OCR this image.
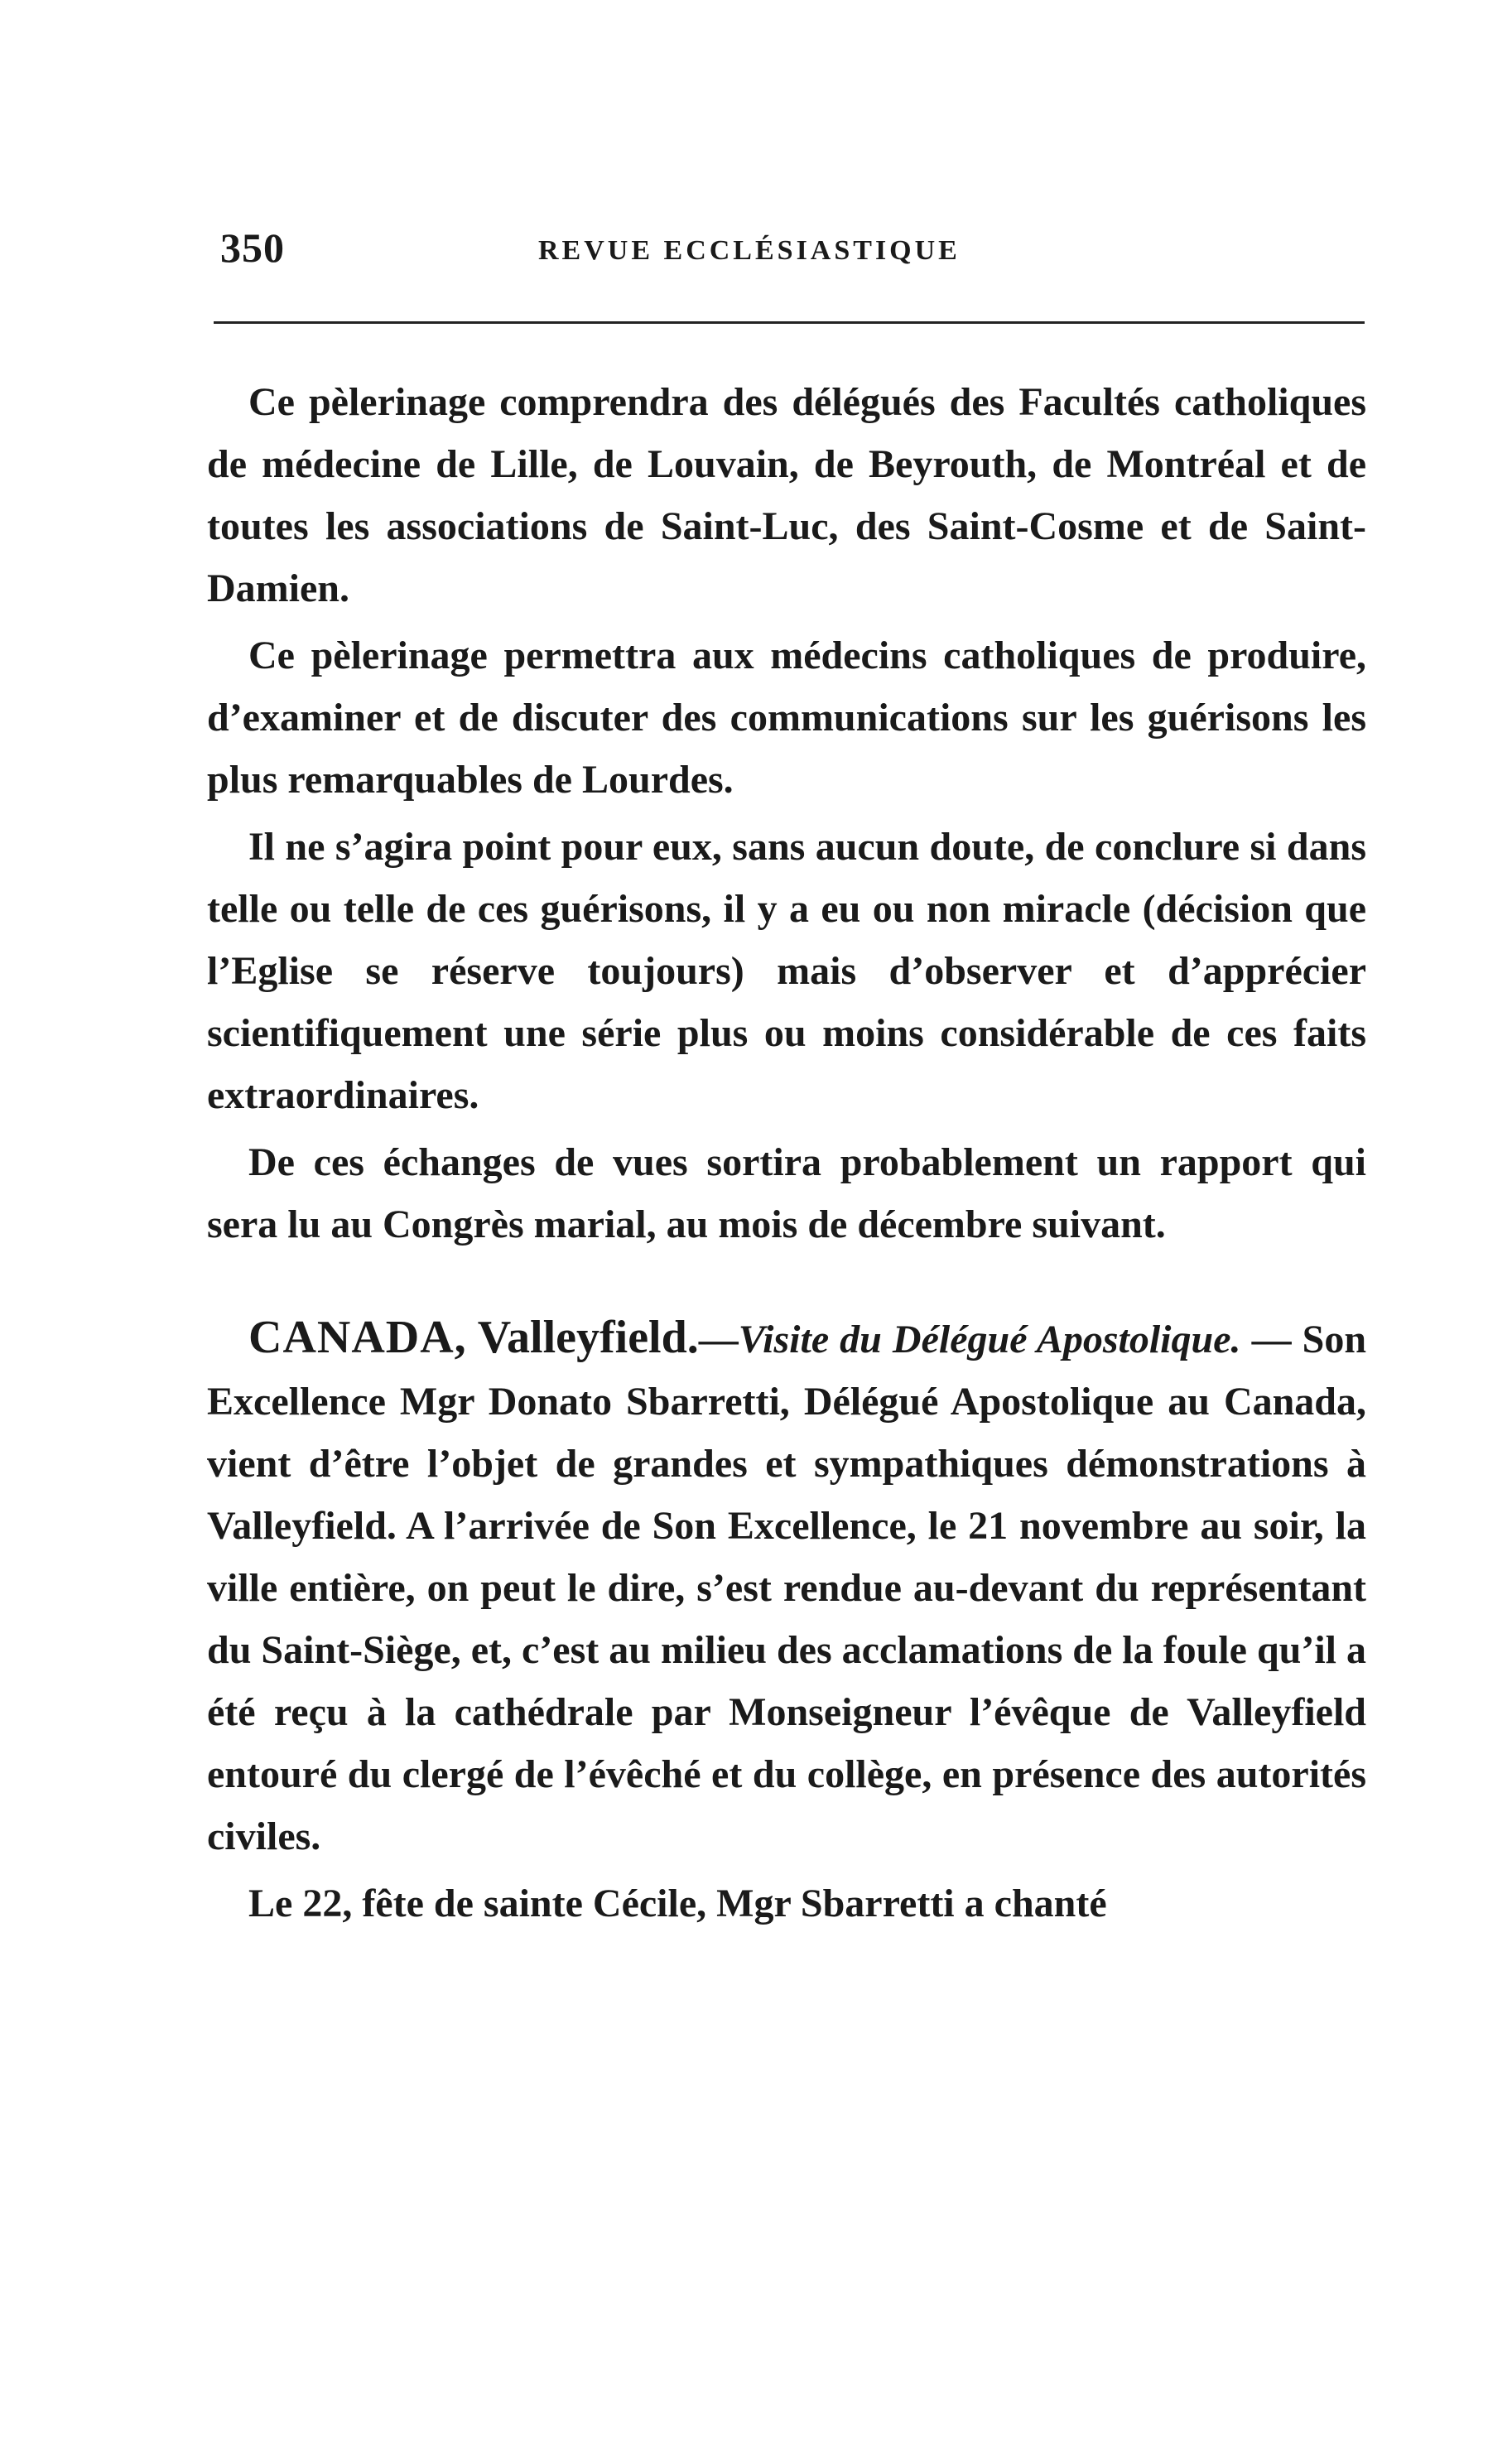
350	REVUE ECCLÉSIASTIQUE

Ce pèlerinage comprendra des délégués des Facultés catholiques de médecine de Lille, de Louvain, de Beyrouth, de Montréal et de toutes les associations de Saint-Luc, des Saint-Cosme et de Saint-Damien.

Ce pèlerinage permettra aux médecins catholiques de produire, d’examiner et de discuter des communications sur les guérisons les plus remarquables de Lourdes.

Il ne s’agira point pour eux, sans aucun doute, de conclure si dans telle ou telle de ces guérisons, il y a eu ou non miracle (décision que l’Eglise se réserve toujours) mais d’observer et d’apprécier scientifiquement une série plus ou moins considérable de ces faits extraordinaires.

De ces échanges de vues sortira probablement un rapport qui sera lu au Congrès marial, au mois de décembre suivant.

CANADA, Valleyfield.—Visite du Délégué Apostolique. — Son Excellence Mgr Donato Sbarretti, Délégué Apostolique au Canada, vient d’être l’objet de grandes et sympathiques démonstrations à Valleyfield. A l’arrivée de Son Excellence, le 21 novembre au soir, la ville entière, on peut le dire, s’est rendue au-devant du représentant du Saint-Siège, et, c’est au milieu des acclamations de la foule qu’il a été reçu à la cathédrale par Monseigneur l’évêque de Valleyfield entouré du clergé de l’évêché et du collège, en présence des autorités civiles.

Le 22, fête de sainte Cécile, Mgr Sbarretti a chanté
